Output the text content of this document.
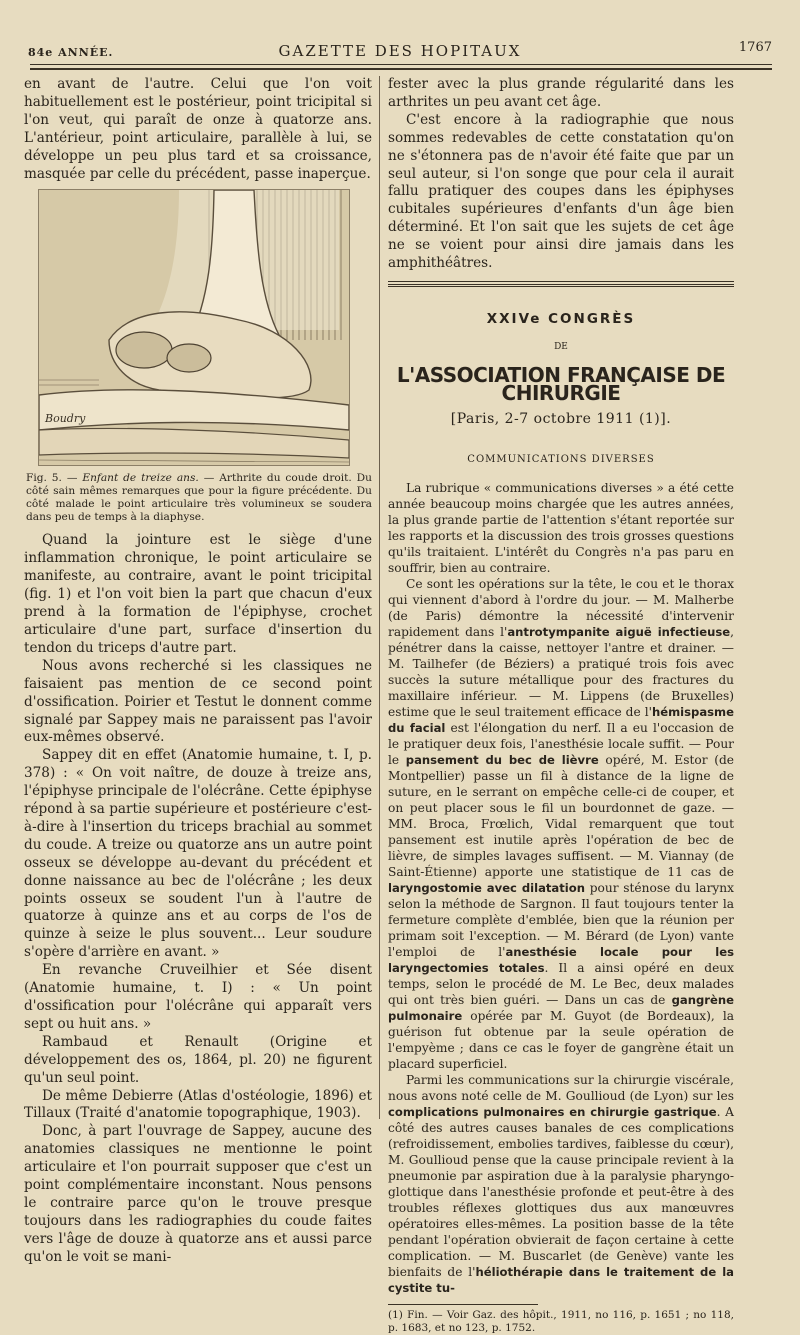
84e ANNÉE.	GAZETTE DES HOPITAUX	1767

en avant de l'autre. Celui que l'on voit habituellement est le postérieur, point tricipital si l'on veut, qui paraît de onze à quatorze ans. L'antérieur, point articulaire, parallèle à lui, se développe un peu plus tard et sa croissance, masquée par celle du précédent, passe inaperçue.

Boudry

Fig. 5. — Enfant de treize ans. — Arthrite du coude droit. Du côté sain mêmes remarques que pour la figure précédente. Du côté malade le point articulaire très volumineux se soudera dans peu de temps à la diaphyse.

Quand la jointure est le siège d'une inflammation chronique, le point articulaire se manifeste, au contraire, avant le point tricipital (fig. 1) et l'on voit bien la part que chacun d'eux prend à la formation de l'épiphyse, crochet articulaire d'une part, surface d'insertion du tendon du triceps d'autre part.

Nous avons recherché si les classiques ne faisaient pas mention de ce second point d'ossification. Poirier et Testut le donnent comme signalé par Sappey mais ne paraissent pas l'avoir eux-mêmes observé.

Sappey dit en effet (Anatomie humaine, t. I, p. 378) : « On voit naître, de douze à treize ans, l'épiphyse principale de l'olécrâne. Cette épiphyse répond à sa partie supérieure et postérieure c'est-à-dire à l'insertion du triceps brachial au sommet du coude. A treize ou quatorze ans un autre point osseux se développe au-devant du précédent et donne naissance au bec de l'olécrâne ; les deux points osseux se soudent l'un à l'autre de quatorze à quinze ans et au corps de l'os de quinze à seize le plus souvent... Leur soudure s'opère d'arrière en avant. »

En revanche Cruveilhier et Sée disent (Anatomie humaine, t. I) : « Un point d'ossification pour l'olécrâne qui apparaît vers sept ou huit ans. »

Rambaud et Renault (Origine et développement des os, 1864, pl. 20) ne figurent qu'un seul point.

De même Debierre (Atlas d'ostéologie, 1896) et Tillaux (Traité d'anatomie topographique, 1903).

Donc, à part l'ouvrage de Sappey, aucune des anatomies classiques ne mentionne le point articulaire et l'on pourrait supposer que c'est un point complémentaire inconstant. Nous pensons le contraire parce qu'on le trouve presque toujours dans les radiographies du coude faites vers l'âge de douze à quatorze ans et aussi parce qu'on le voit se mani-

fester avec la plus grande régularité dans les arthrites un peu avant cet âge.

C'est encore à la radiographie que nous sommes redevables de cette constatation qu'on ne s'étonnera pas de n'avoir été faite que par un seul auteur, si l'on songe que pour cela il aurait fallu pratiquer des coupes dans les épiphyses cubitales supérieures d'enfants d'un âge bien déterminé. Et l'on sait que les sujets de cet âge ne se voient pour ainsi dire jamais dans les amphithéâtres.

XXIVe CONGRÈS
DE
L'ASSOCIATION FRANÇAISE DE CHIRURGIE
[Paris, 2-7 octobre 1911 (1)].
COMMUNICATIONS DIVERSES

La rubrique « communications diverses » a été cette année beaucoup moins chargée que les autres années, la plus grande partie de l'attention s'étant reportée sur les rapports et la discussion des trois grosses questions qu'ils traitaient. L'intérêt du Congrès n'a pas paru en souffrir, bien au contraire.

Ce sont les opérations sur la tête, le cou et le thorax qui viennent d'abord à l'ordre du jour. — M. Malherbe (de Paris) démontre la nécessité d'intervenir rapidement dans l'antrotympanite aiguë infectieuse, pénétrer dans la caisse, nettoyer l'antre et drainer. — M. Tailhefer (de Béziers) a pratiqué trois fois avec succès la suture métallique pour des fractures du maxillaire inférieur. — M. Lippens (de Bruxelles) estime que le seul traitement efficace de l'hémispasme du facial est l'élongation du nerf. Il a eu l'occasion de le pratiquer deux fois, l'anesthésie locale suffit. — Pour le pansement du bec de lièvre opéré, M. Estor (de Montpellier) passe un fil à distance de la ligne de suture, en le serrant on empêche celle-ci de couper, et on peut placer sous le fil un bourdonnet de gaze. — MM. Broca, Frœlich, Vidal remarquent que tout pansement est inutile après l'opération de bec de lièvre, de simples lavages suffisent. — M. Viannay (de Saint-Étienne) apporte une statistique de 11 cas de laryngostomie avec dilatation pour sténose du larynx selon la méthode de Sargnon. Il faut toujours tenter la fermeture complète d'emblée, bien que la réunion per primam soit l'exception. — M. Bérard (de Lyon) vante l'emploi de l'anesthésie locale pour les laryngectomies totales. Il a ainsi opéré en deux temps, selon le procédé de M. Le Bec, deux malades qui ont très bien guéri. — Dans un cas de gangrène pulmonaire opérée par M. Guyot (de Bordeaux), la guérison fut obtenue par la seule opération de l'empyème ; dans ce cas le foyer de gangrène était un placard superficiel.

Parmi les communications sur la chirurgie viscérale, nous avons noté celle de M. Goullioud (de Lyon) sur les complications pulmonaires en chirurgie gastrique. A côté des autres causes banales de ces complications (refroidissement, embolies tardives, faiblesse du cœur), M. Goullioud pense que la cause principale revient à la pneumonie par aspiration due à la paralysie pharyngo-glottique dans l'anesthésie profonde et peut-être à des troubles réflexes glottiques dus aux manœuvres opératoires elles-mêmes. La position basse de la tête pendant l'opération obvierait de façon certaine à cette complication. — M. Buscarlet (de Genève) vante les bienfaits de l'héliothérapie dans le traitement de la cystite tu-

(1) Fin. — Voir Gaz. des hôpit., 1911, no 116, p. 1651 ; no 118, p. 1683, et no 123, p. 1752.
